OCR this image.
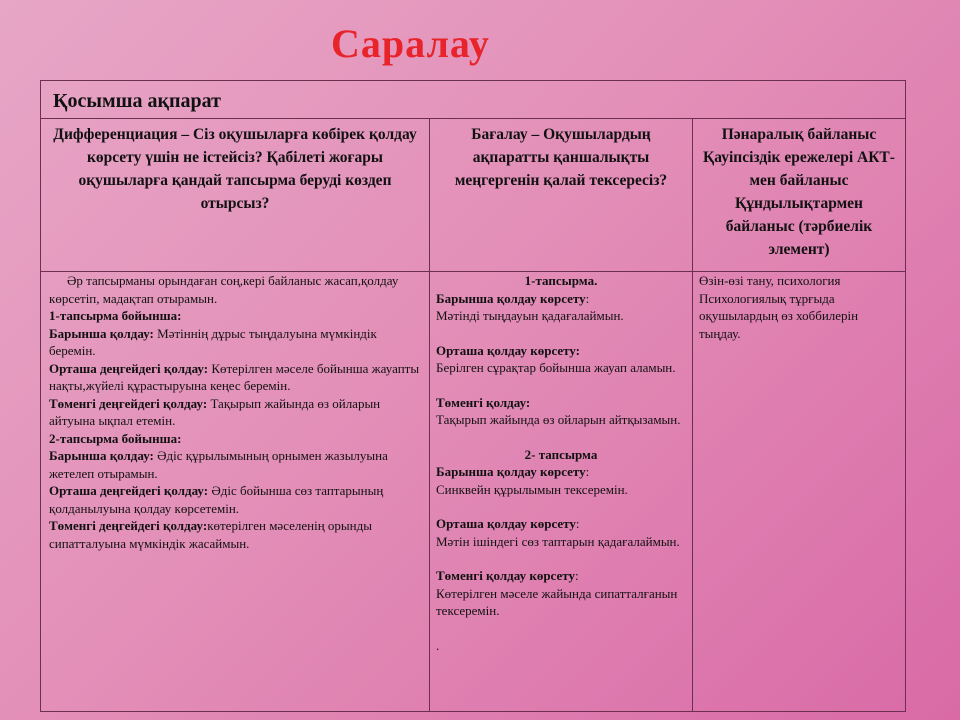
Саралау
Қосымша ақпарат
Дифференциация – Сіз оқушыларға көбірек қолдау көрсету үшін не істейсіз? Қабілеті жоғары оқушыларға қандай тапсырма беруді көздеп отырсыз?

Әр тапсырманы орындаған соң,кері байланыс жасап,қолдау көрсетіп, мадақтап отырамын.

1-тапсырма бойынша:

Барынша қолдау: Мәтіннің дұрыс тыңдалуына мүмкіндік беремін.

Орташа деңгейдегі қолдау: Көтерілген мәселе бойынша жауапты нақты,жүйелі құрастыруына кеңес беремін.

Төменгі деңгейдегі қолдау: Тақырып жайында өз ойларын айтуына ықпал етемін.

2-тапсырма бойынша:

Барынша қолдау: Әдіс құрылымының орнымен жазылуына жетелеп отырамын.

Орташа деңгейдегі қолдау: Әдіс бойынша сөз таптарының қолданылуына қолдау көрсетемін.

Төменгі деңгейдегі қолдау:көтерілген мәселенің орынды сипатталуына мүмкіндік жасаймын.

Бағалау – Оқушылардың ақпаратты қаншалықты меңгергенін қалай тексересіз?

1-тапсырма.

Барынша қолдау көрсету:

Мәтінді тыңдауын қадағалаймын.

Орташа қолдау көрсету:

Берілген сұрақтар бойынша жауап аламын.

Төменгі қолдау:

Тақырып жайында өз ойларын айтқызамын.

2- тапсырма

Барынша қолдау көрсету:

Синквейн құрылымын тексеремін.

Орташа қолдау көрсету:

Мәтін ішіндегі сөз таптарын қадағалаймын.

Төменгі қолдау көрсету:

Көтерілген мәселе жайында сипатталғанын тексеремін.

.

Пәнаралық байланыс Қауіпсіздік ережелері АКТ-мен байланыс Құндылықтармен байланыс (тәрбиелік элемент)

Өзін-өзі тану, психология Психологиялық тұрғыда оқушылардың өз хоббилерін тыңдау.
